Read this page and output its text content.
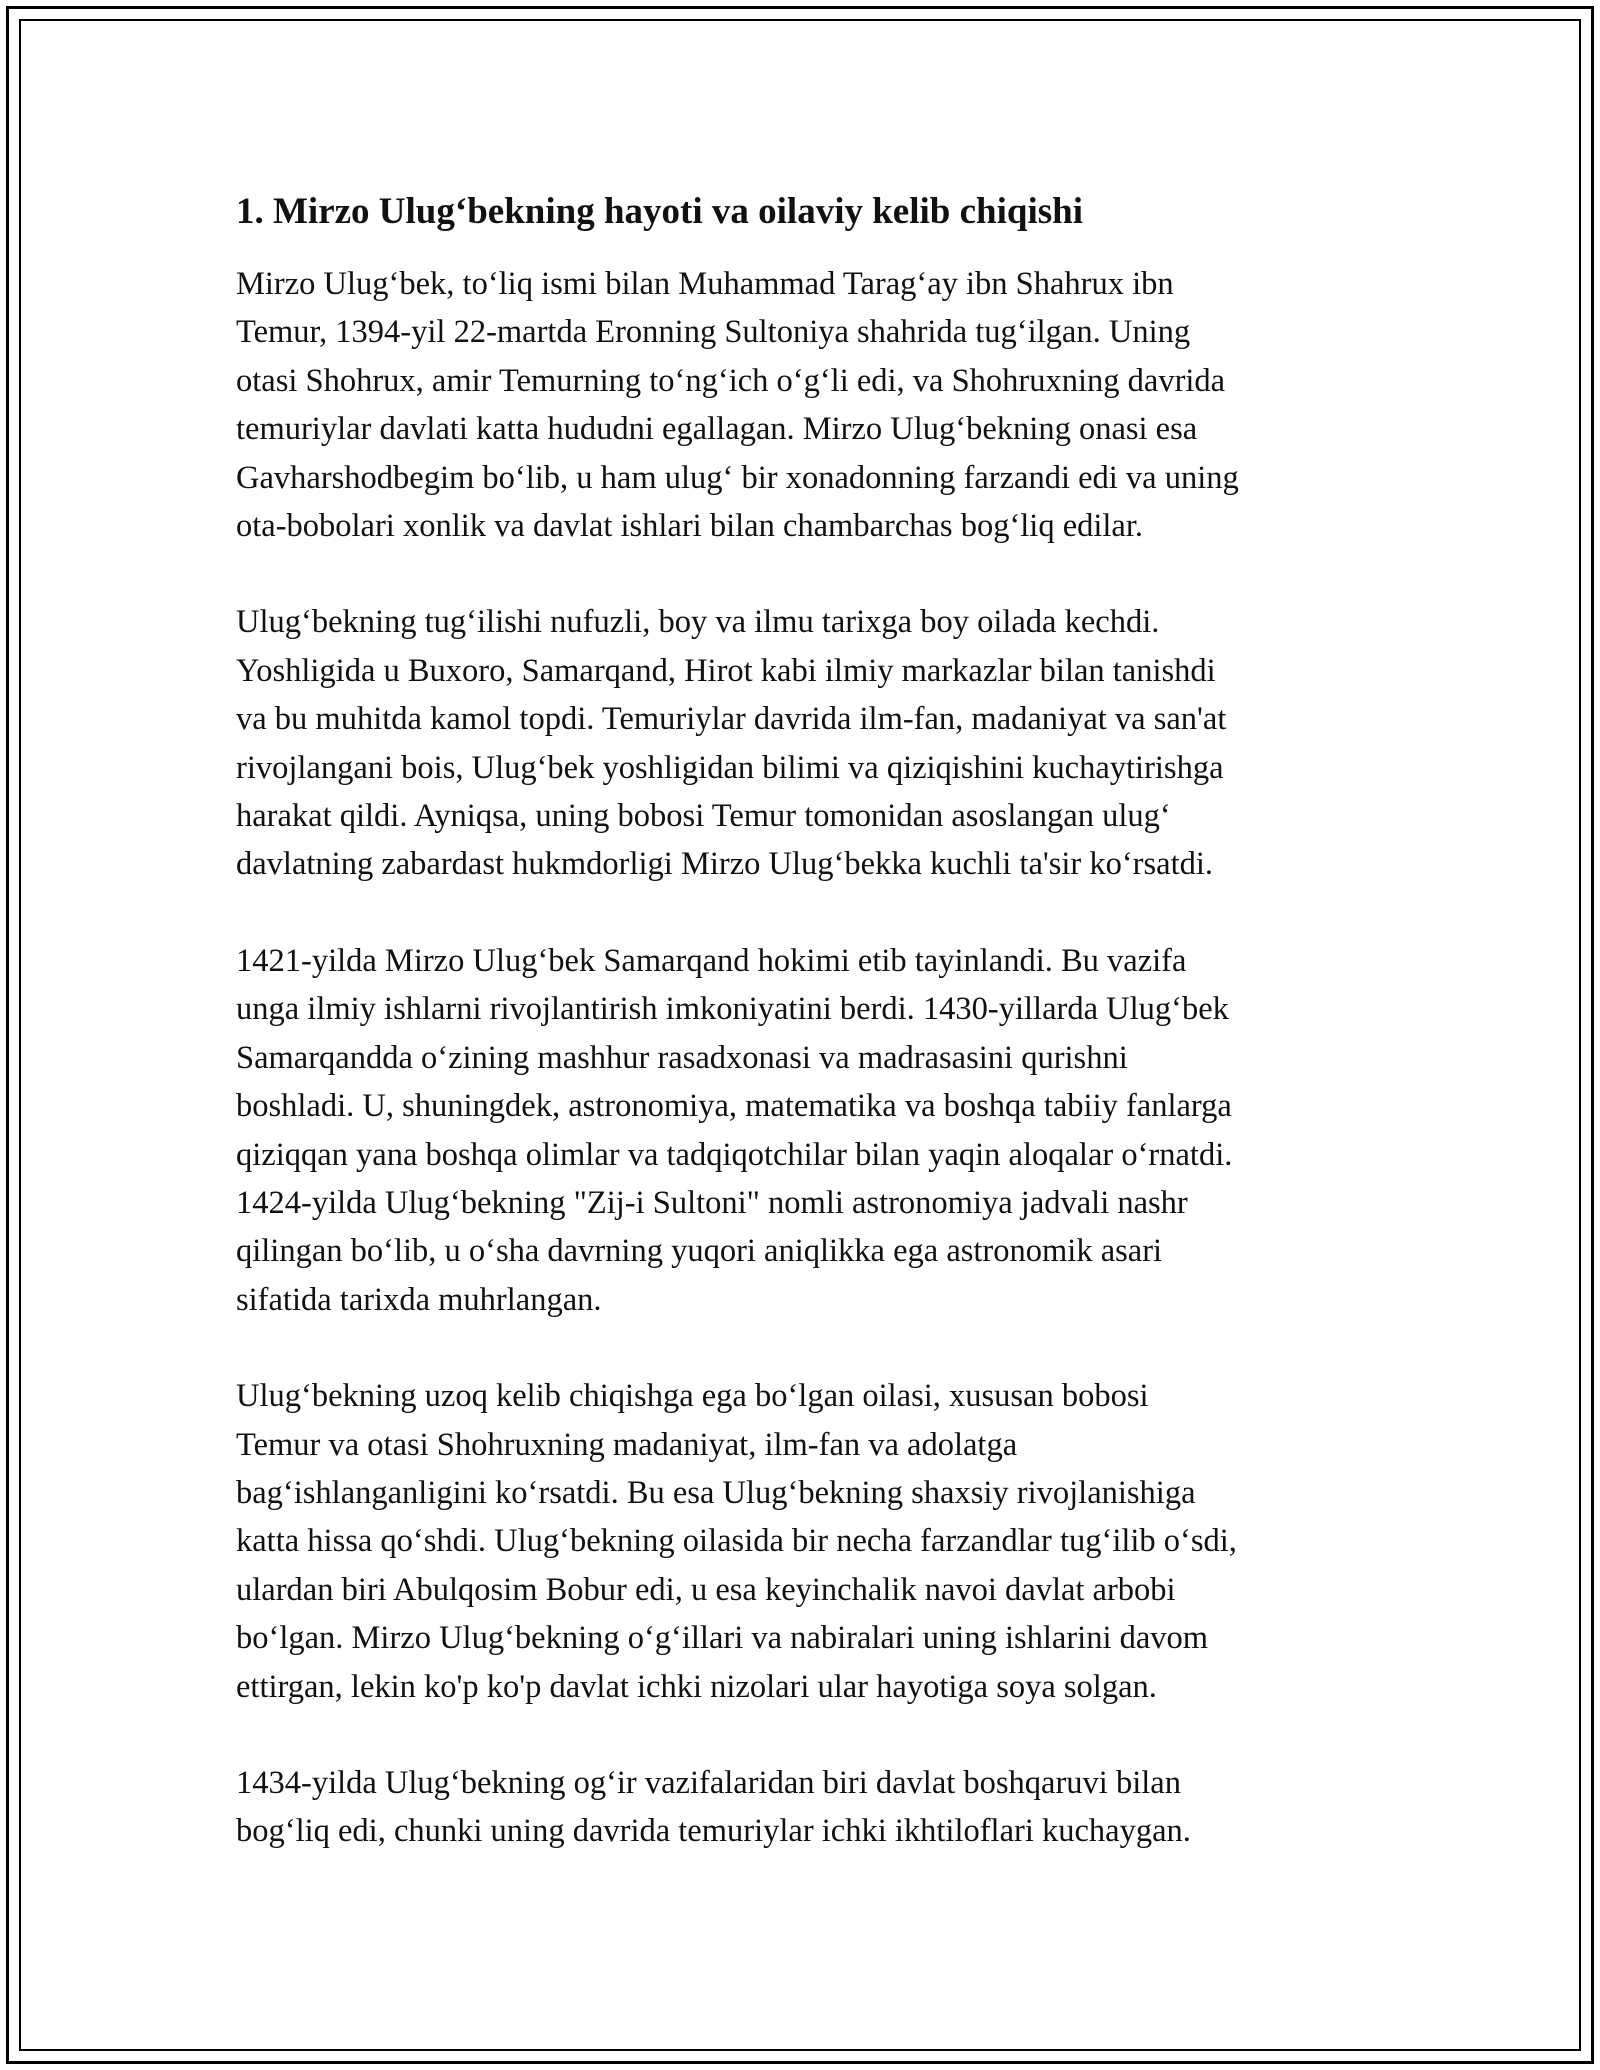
1. Mirzo Ulug‘bekning hayoti va oilaviy kelib chiqishi

Mirzo Ulug‘bek, to‘liq ismi bilan Muhammad Tarag‘ay ibn Shahrux ibn
Temur, 1394-yil 22-martda Eronning Sultoniya shahrida tug‘ilgan. Uning
otasi Shohrux, amir Temurning to‘ng‘ich o‘g‘li edi, va Shohruxning davrida
temuriylar davlati katta hududni egallagan. Mirzo Ulug‘bekning onasi esa
Gavharshodbegim bo‘lib, u ham ulug‘ bir xonadonning farzandi edi va uning
ota-bobolari xonlik va davlat ishlari bilan chambarchas bog‘liq edilar.

Ulug‘bekning tug‘ilishi nufuzli, boy va ilmu tarixga boy oilada kechdi.
Yoshligida u Buxoro, Samarqand, Hirot kabi ilmiy markazlar bilan tanishdi
va bu muhitda kamol topdi. Temuriylar davrida ilm-fan, madaniyat va san'at
rivojlangani bois, Ulug‘bek yoshligidan bilimi va qiziqishini kuchaytirishga
harakat qildi. Ayniqsa, uning bobosi Temur tomonidan asoslangan ulug‘
davlatning zabardast hukmdorligi Mirzo Ulug‘bekka kuchli ta'sir ko‘rsatdi.

1421-yilda Mirzo Ulug‘bek Samarqand hokimi etib tayinlandi. Bu vazifa
unga ilmiy ishlarni rivojlantirish imkoniyatini berdi. 1430-yillarda Ulug‘bek
Samarqandda o‘zining mashhur rasadxonasi va madrasasini qurishni
boshladi. U, shuningdek, astronomiya, matematika va boshqa tabiiy fanlarga
qiziqqan yana boshqa olimlar va tadqiqotchilar bilan yaqin aloqalar o‘rnatdi.
1424-yilda Ulug‘bekning "Zij-i Sultoni" nomli astronomiya jadvali nashr
qilingan bo‘lib, u o‘sha davrning yuqori aniqlikka ega astronomik asari
sifatida tarixda muhrlangan.

Ulug‘bekning uzoq kelib chiqishga ega bo‘lgan oilasi, xususan bobosi
Temur va otasi Shohruxning madaniyat, ilm-fan va adolatga
bag‘ishlanganligini ko‘rsatdi. Bu esa Ulug‘bekning shaxsiy rivojlanishiga
katta hissa qo‘shdi. Ulug‘bekning oilasida bir necha farzandlar tug‘ilib o‘sdi,
ulardan biri Abulqosim Bobur edi, u esa keyinchalik navoi davlat arbobi
bo‘lgan. Mirzo Ulug‘bekning o‘g‘illari va nabiralari uning ishlarini davom
ettirgan, lekin ko'p ko'p davlat ichki nizolari ular hayotiga soya solgan.

1434-yilda Ulug‘bekning og‘ir vazifalaridan biri davlat boshqaruvi bilan
bog‘liq edi, chunki uning davrida temuriylar ichki ikhtiloflari kuchaygan.
